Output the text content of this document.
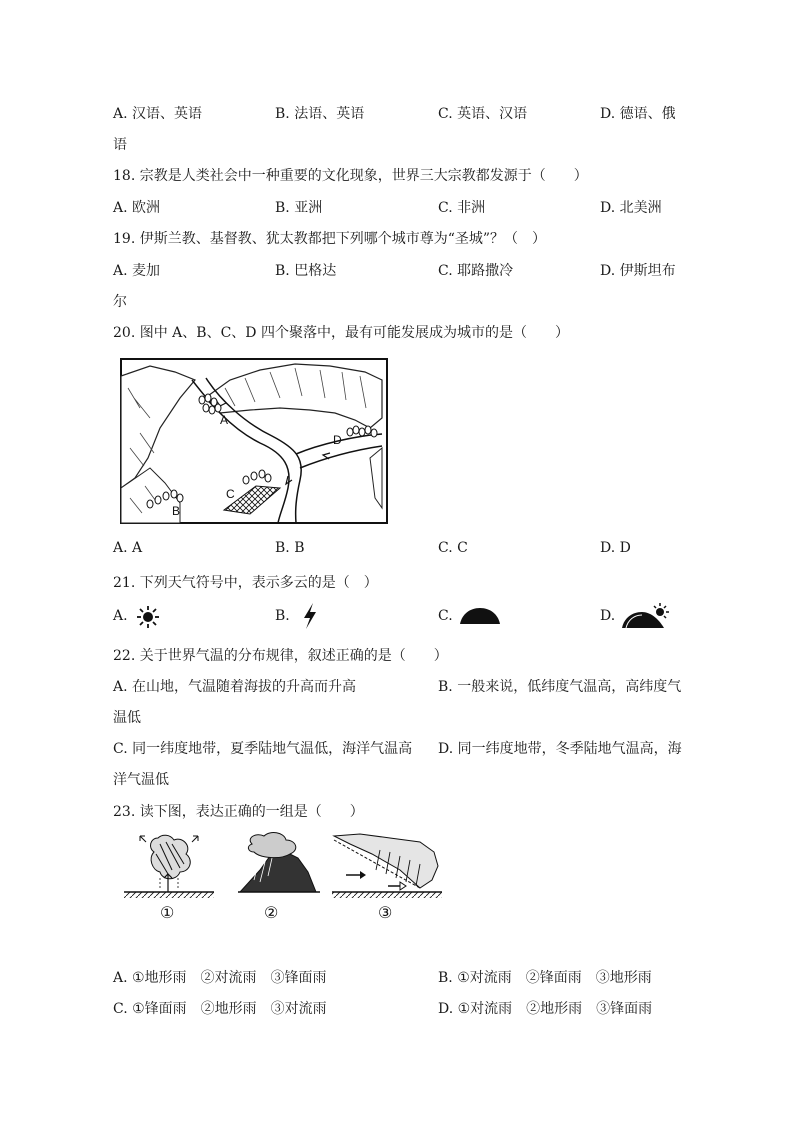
A. 汉语、英语	B. 法语、英语	C. 英语、汉语	D. 德语、俄
语
18. 宗教是人类社会中一种重要的文化现象，世界三大宗教都发源于（　　）
A. 欧洲	B. 亚洲	C. 非洲	D. 北美洲
19. 伊斯兰教、基督教、犹太教都把下列哪个城市尊为“圣城”？（　）
A. 麦加	B. 巴格达	C. 耶路撒冷	D. 伊斯坦布
尔
20. 图中 A、B、C、D 四个聚落中，最有可能发展成为城市的是（　　）
A
B
C
D
A. A	B. B	C. C	D. D
21. 下列天气符号中，表示多云的是（　）
A.	B.	C.	D.
22. 关于世界气温的分布规律，叙述正确的是（　　）
A. 在山地，气温随着海拔的升高而升高	B. 一般来说，低纬度气温高，高纬度气
温低
C. 同一纬度地带，夏季陆地气温低，海洋气温高 D. 同一纬度地带，冬季陆地气温高，海
洋气温低
23. 读下图，表达正确的一组是（　　）
①	②	③
A. ①地形雨　②对流雨　③锋面雨	B. ①对流雨　②锋面雨　③地形雨
C. ①锋面雨　②地形雨　③对流雨	D. ①对流雨　②地形雨　③锋面雨
